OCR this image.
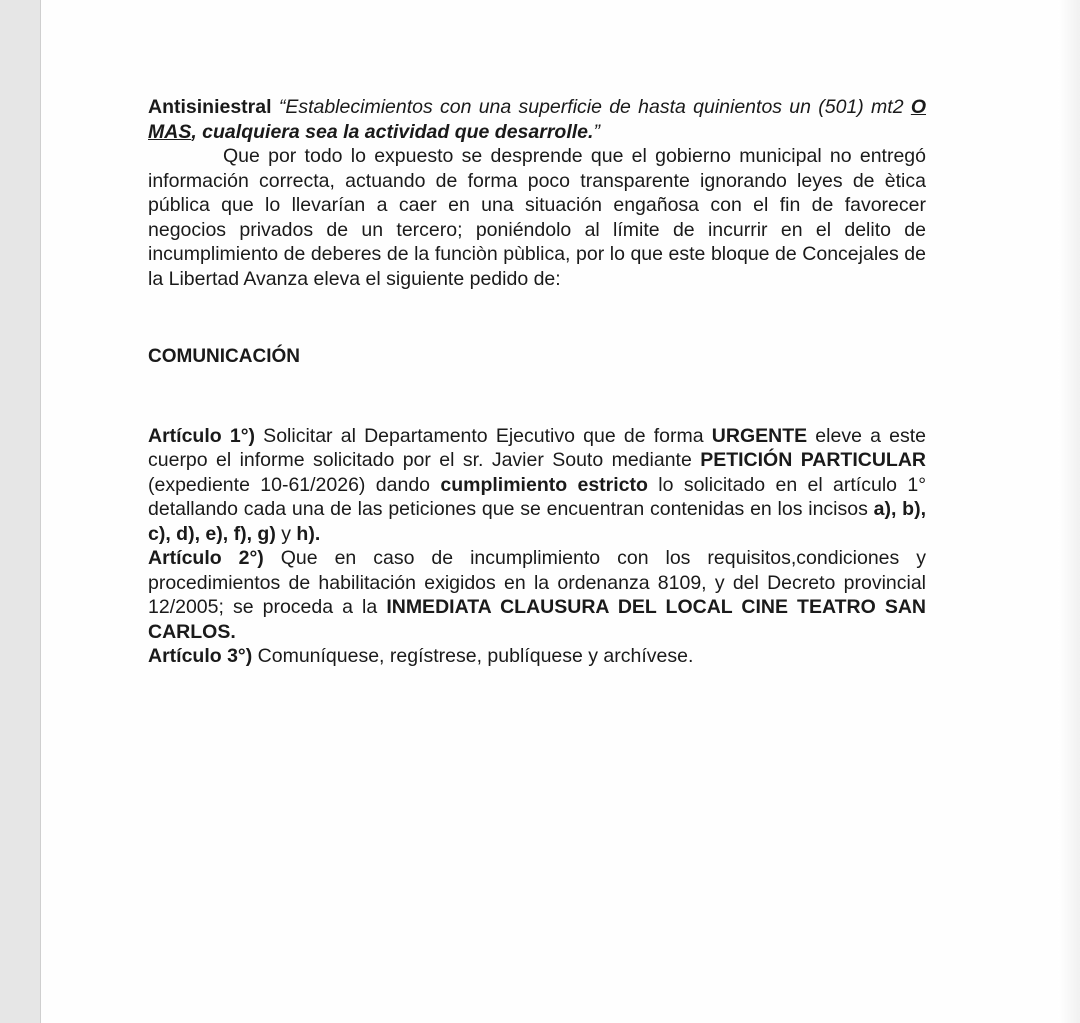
Antisiniestral “Establecimientos con una superficie de hasta quinientos un (501) mt2 O MAS, cualquiera sea la actividad que desarrolle.”

Que por todo lo expuesto se desprende que el gobierno municipal no entregó información correcta, actuando de forma poco transparente ignorando leyes de ètica pública que lo llevarían a caer en una situación engañosa con el fin de favorecer negocios privados de un tercero; poniéndolo al límite de incurrir en el delito de incumplimiento de deberes de la funciòn pùblica, por lo que este bloque de Concejales de la Libertad Avanza eleva el siguiente pedido de:

COMUNICACIÓN

Artículo 1°) Solicitar al Departamento Ejecutivo que de forma URGENTE eleve a este cuerpo el informe solicitado por el sr. Javier Souto mediante PETICIÓN PARTICULAR (expediente 10-61/2026) dando cumplimiento estricto lo solicitado en el artículo 1° detallando cada una de las peticiones que se encuentran contenidas en los incisos a), b), c), d), e), f), g) y h).

Artículo 2°) Que en caso de incumplimiento con los requisitos,condiciones y procedimientos de habilitación exigidos en la ordenanza 8109, y del Decreto provincial 12/2005; se proceda a la INMEDIATA CLAUSURA DEL LOCAL CINE TEATRO SAN CARLOS.

Artículo 3°) Comuníquese, regístrese, publíquese y archívese.
